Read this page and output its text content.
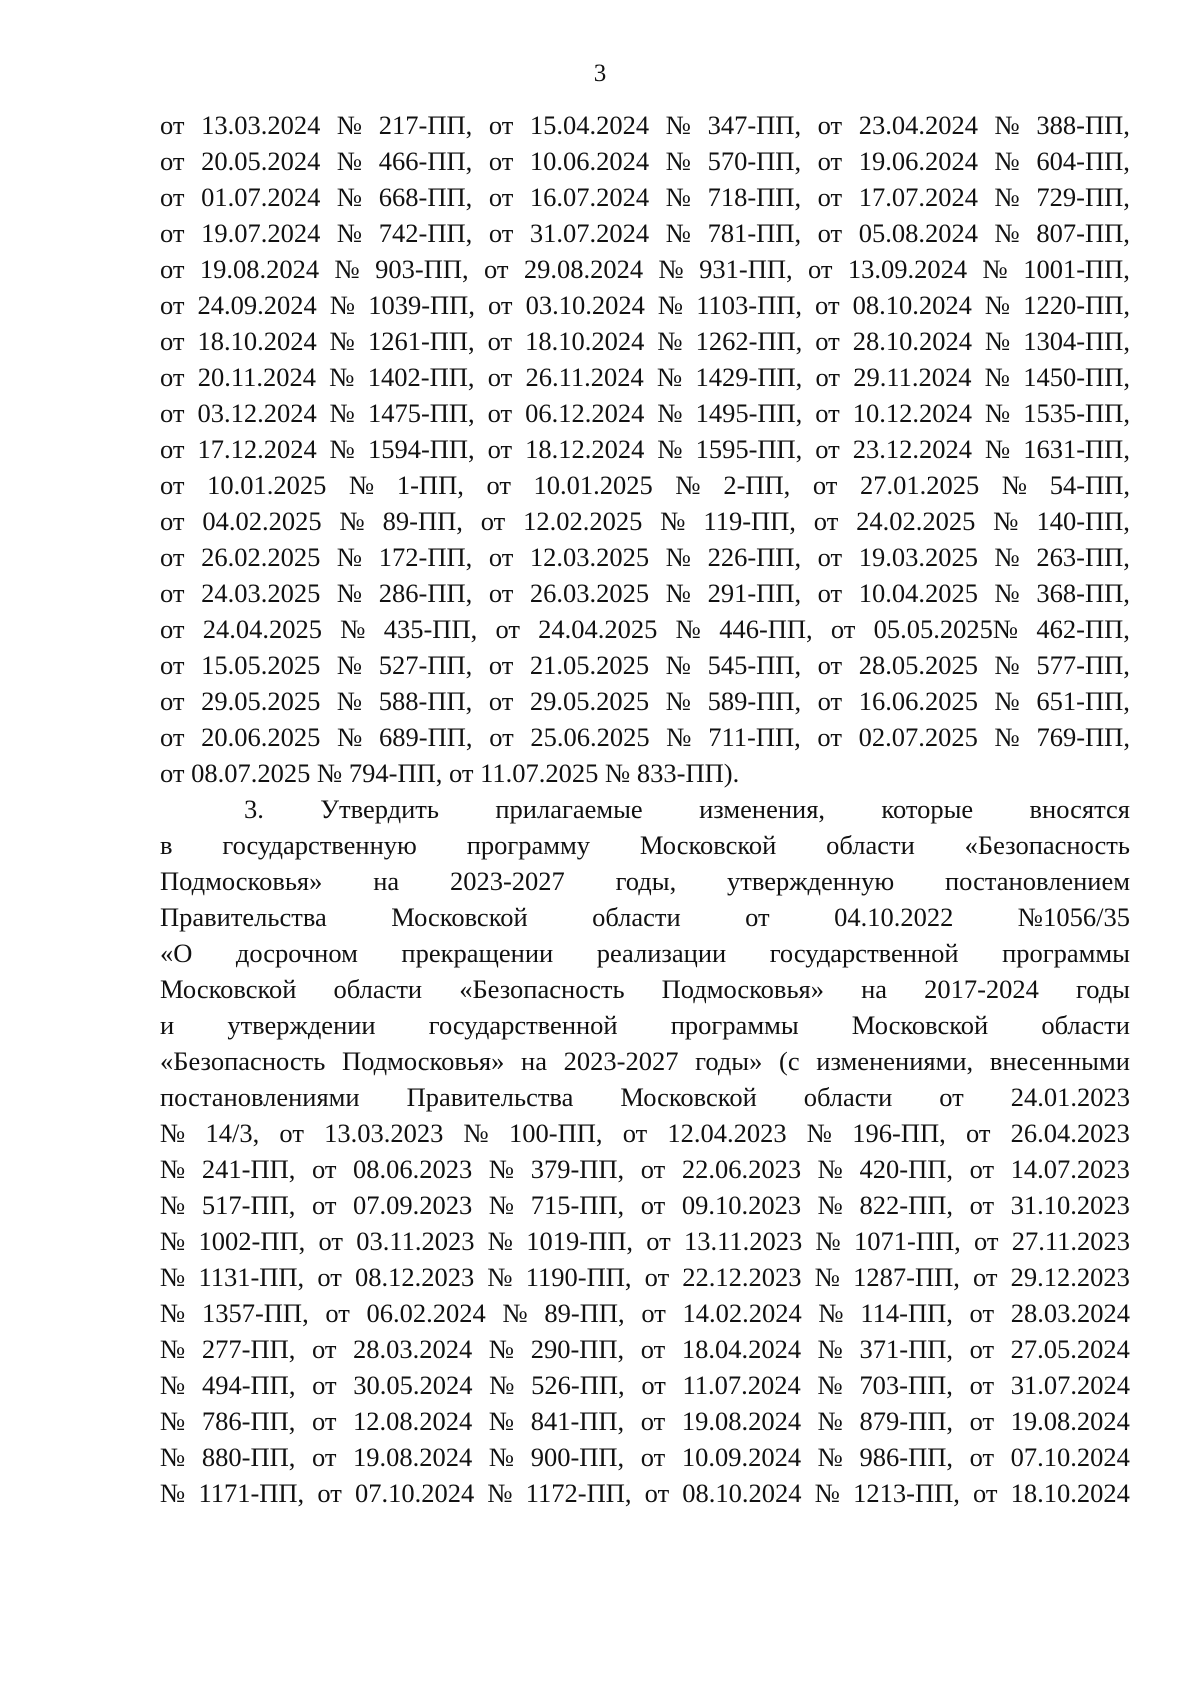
3
от 13.03.2024 № 217-ПП, от 15.04.2024 № 347-ПП, от 23.04.2024 № 388-ПП,
от 20.05.2024 № 466-ПП, от 10.06.2024 № 570-ПП, от 19.06.2024 № 604-ПП,
от 01.07.2024 № 668-ПП, от 16.07.2024 № 718-ПП, от 17.07.2024 № 729-ПП,
от 19.07.2024 № 742-ПП, от 31.07.2024 № 781-ПП, от 05.08.2024 № 807-ПП,
от 19.08.2024 № 903-ПП, от 29.08.2024 № 931-ПП, от 13.09.2024 № 1001-ПП,
от 24.09.2024 № 1039-ПП, от 03.10.2024 № 1103-ПП, от 08.10.2024 № 1220-ПП,
от 18.10.2024 № 1261-ПП, от 18.10.2024 № 1262-ПП, от 28.10.2024 № 1304-ПП,
от 20.11.2024 № 1402-ПП, от 26.11.2024 № 1429-ПП, от 29.11.2024 № 1450-ПП,
от 03.12.2024 № 1475-ПП, от 06.12.2024 № 1495-ПП, от 10.12.2024 № 1535-ПП,
от 17.12.2024 № 1594-ПП, от 18.12.2024 № 1595-ПП, от 23.12.2024 № 1631-ПП,
от 10.01.2025 № 1-ПП, от 10.01.2025 № 2-ПП, от 27.01.2025 № 54-ПП,
от 04.02.2025 № 89-ПП, от 12.02.2025 № 119-ПП, от 24.02.2025 № 140-ПП,
от 26.02.2025 № 172-ПП, от 12.03.2025 № 226-ПП, от 19.03.2025 № 263-ПП,
от 24.03.2025 № 286-ПП, от 26.03.2025 № 291-ПП, от 10.04.2025 № 368-ПП,
от 24.04.2025 № 435-ПП, от 24.04.2025 № 446-ПП, от 05.05.2025№ 462-ПП,
от 15.05.2025 № 527-ПП, от 21.05.2025 № 545-ПП, от 28.05.2025 № 577-ПП,
от 29.05.2025 № 588-ПП, от 29.05.2025 № 589-ПП, от 16.06.2025 № 651-ПП,
от 20.06.2025 № 689-ПП, от 25.06.2025 № 711-ПП, от 02.07.2025 № 769-ПП,
от 08.07.2025 № 794-ПП, от 11.07.2025 № 833-ПП).
3. Утвердить прилагаемые изменения, которые вносятся
в государственную программу Московской области «Безопасность
Подмосковья» на 2023-2027 годы, утвержденную постановлением
Правительства Московской области от 04.10.2022 №1056/35
«О досрочном прекращении реализации государственной программы
Московской области «Безопасность Подмосковья» на 2017-2024 годы
и утверждении государственной программы Московской области
«Безопасность Подмосковья» на 2023-2027 годы» (с изменениями, внесенными
постановлениями Правительства Московской области от 24.01.2023
№ 14/3, от 13.03.2023 № 100-ПП, от 12.04.2023 № 196-ПП, от 26.04.2023
№ 241-ПП, от 08.06.2023 № 379-ПП, от 22.06.2023 № 420-ПП, от 14.07.2023
№ 517-ПП, от 07.09.2023 № 715-ПП, от 09.10.2023 № 822-ПП, от 31.10.2023
№ 1002-ПП, от 03.11.2023 № 1019-ПП, от 13.11.2023 № 1071-ПП, от 27.11.2023
№ 1131-ПП, от 08.12.2023 № 1190-ПП, от 22.12.2023 № 1287-ПП, от 29.12.2023
№ 1357-ПП, от 06.02.2024 № 89-ПП, от 14.02.2024 № 114-ПП, от 28.03.2024
№ 277-ПП, от 28.03.2024 № 290-ПП, от 18.04.2024 № 371-ПП, от 27.05.2024
№ 494-ПП, от 30.05.2024 № 526-ПП, от 11.07.2024 № 703-ПП, от 31.07.2024
№ 786-ПП, от 12.08.2024 № 841-ПП, от 19.08.2024 № 879-ПП, от 19.08.2024
№ 880-ПП, от 19.08.2024 № 900-ПП, от 10.09.2024 № 986-ПП, от 07.10.2024
№ 1171-ПП, от 07.10.2024 № 1172-ПП, от 08.10.2024 № 1213-ПП, от 18.10.2024
